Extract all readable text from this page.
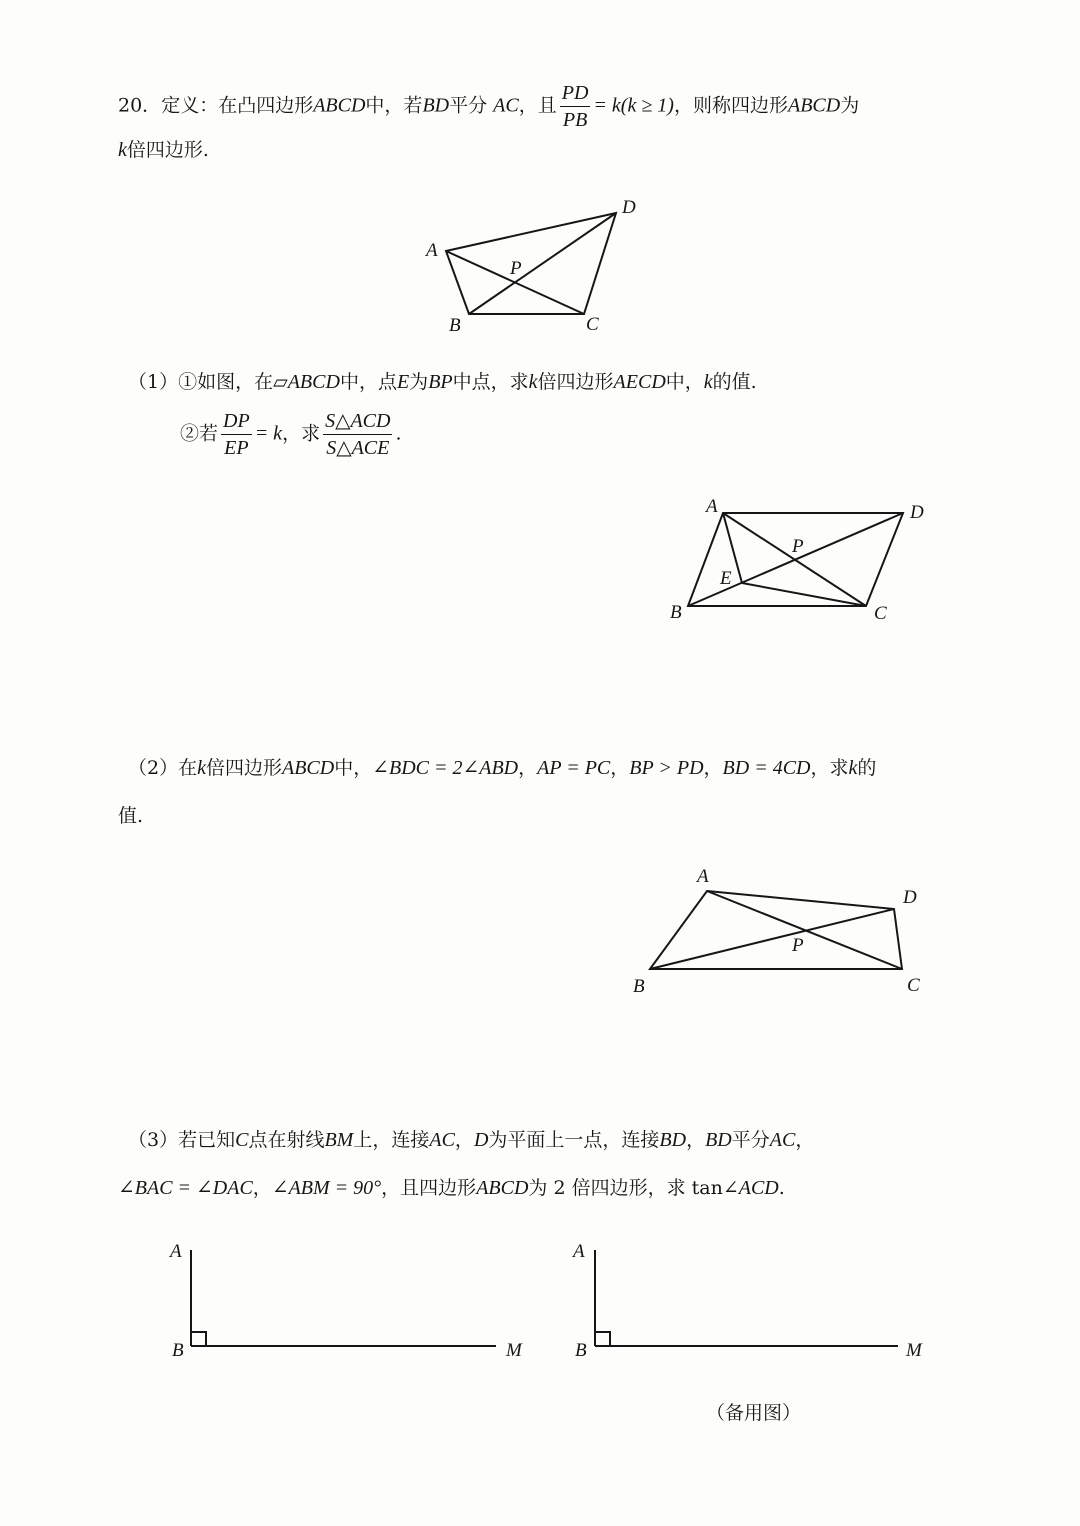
20．定义：在凸四边形ABCD中，若BD平分 AC，且 $\frac{PD}{PB} = k(k \ge 1)$，则称四边形ABCD为
k倍四边形.
A
D
P
B	C
（1）①如图，在▱ABCD中，点E为BP中点，求k倍四边形AECD中，k的值.
②若 $\frac{DP}{EP} = k$，求 $\frac{\text{S△ACD}}{\text{S△ACE}}$ .
A	D
P
E
B	C
（2）在k倍四边形ABCD中，∠BDC = 2∠ABD，AP = PC，BP > PD，BD = 4CD，求k的
值.
A
D
P
B	C
（3）若已知C点在射线BM上，连接AC，D为平面上一点，连接BD，BD平分AC，
∠BAC = ∠DAC，∠ABM = 90°，且四边形ABCD为 2 倍四边形，求 tan∠ACD.
A
B	M
A
B	M
（备用图）
